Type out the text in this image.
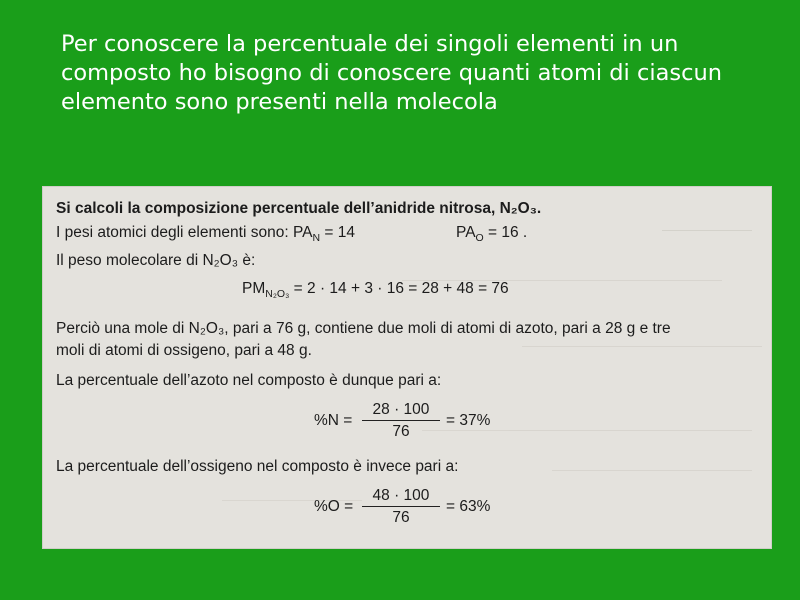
Per conoscere la percentuale dei singoli elementi in un composto ho bisogno di conoscere quanti atomi di ciascun elemento sono presenti nella molecola
Si calcoli la composizione percentuale dell’anidride nitrosa, N₂O₃.
I pesi atomici degli elementi sono: $PA_N = 14$	$PA_O = 16$ .
Il peso molecolare di N₂O₃ è:
$PM_{N_2O_3} = 2 \cdot 14 + 3 \cdot 16 = 28 + 48 = 76$
Perciò una mole di N₂O₃, pari a 76 g, contiene due moli di atomi di azoto, pari a 28 g e tre
moli di atomi di ossigeno, pari a 48 g.
La percentuale dell’azoto nel composto è dunque pari a:
$\%N = \frac{28 \cdot 100}{76} = 37\%$
La percentuale dell’ossigeno nel composto è invece pari a:
$\%O = \frac{48 \cdot 100}{76} = 63\%$
